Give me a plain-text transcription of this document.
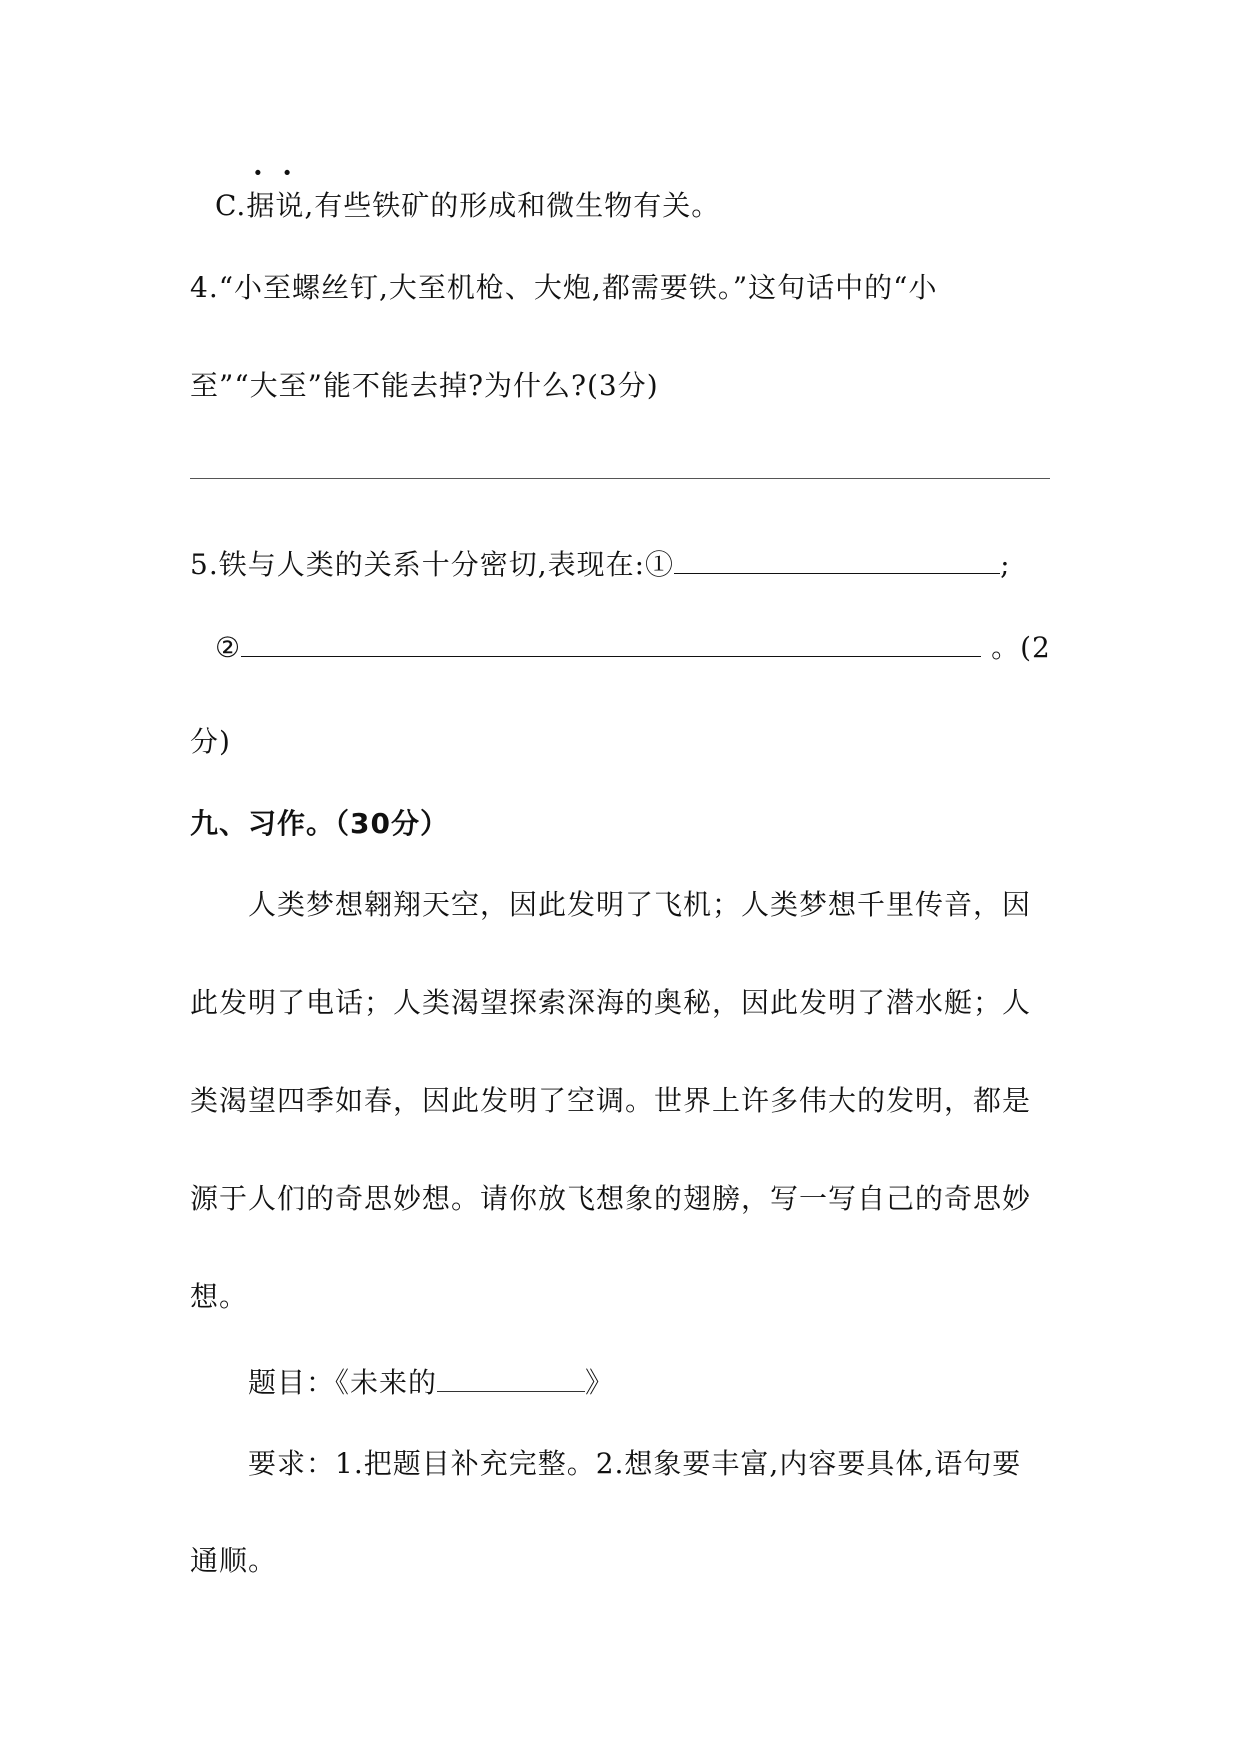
·  ·
C.据说,有些铁矿的形成和微生物有关。
4.“小至螺丝钉,大至机枪、大炮,都需要铁。”这句话中的“小
至”“大至”能不能去掉?为什么?(3分)
5.铁与人类的关系十分密切,表现在:①	;
②	。(2
分)
九、习作。（30分）
人类梦想翱翔天空，因此发明了飞机；人类梦想千里传音，因
此发明了电话；人类渴望探索深海的奥秘，因此发明了潜水艇；人
类渴望四季如春，因此发明了空调。世界上许多伟大的发明，都是
源于人们的奇思妙想。请你放飞想象的翅膀，写一写自己的奇思妙
想。
题目：《未来的	》
要求：1.把题目补充完整。2.想象要丰富,内容要具体,语句要
通顺。
